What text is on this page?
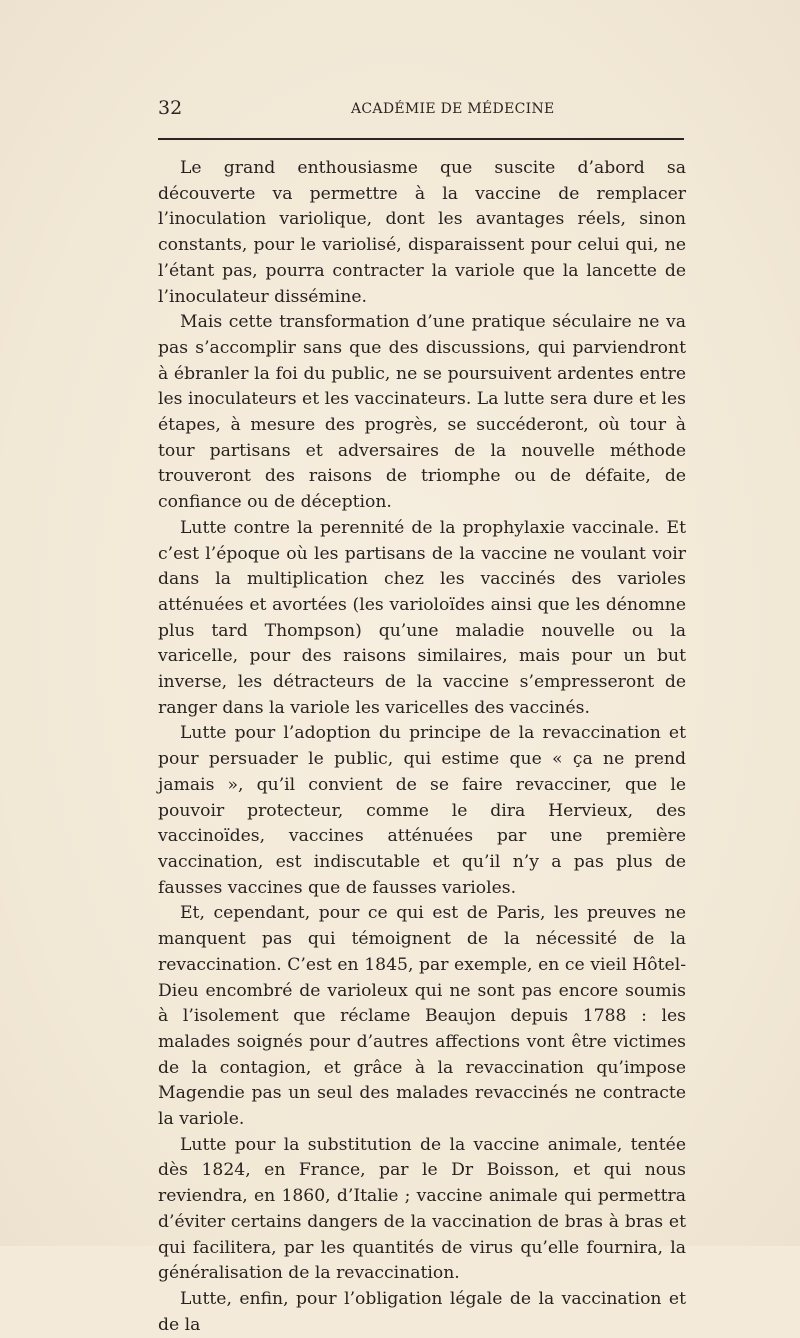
32	ACADÉMIE DE MÉDECINE

Le grand enthousiasme que suscite d’abord sa découverte va permettre à la vaccine de remplacer l’inoculation variolique, dont les avantages réels, sinon constants, pour le variolisé, disparaissent pour celui qui, ne l’étant pas, pourra contracter la variole que la lancette de l’inoculateur dissémine.

Mais cette transformation d’une pratique séculaire ne va pas s’accomplir sans que des discussions, qui parviendront à ébranler la foi du public, ne se poursuivent ardentes entre les inoculateurs et les vaccinateurs. La lutte sera dure et les étapes, à mesure des progrès, se succéderont, où tour à tour partisans et adversaires de la nouvelle méthode trouveront des raisons de triomphe ou de défaite, de confiance ou de déception.

Lutte contre la perennité de la prophylaxie vaccinale. Et c’est l’époque où les partisans de la vaccine ne voulant voir dans la multiplication chez les vaccinés des varioles atténuées et avortées (les varioloïdes ainsi que les dénomne plus tard Thompson) qu’une maladie nouvelle ou la varicelle, pour des raisons similaires, mais pour un but inverse, les détracteurs de la vaccine s’empresseront de ranger dans la variole les varicelles des vaccinés.

Lutte pour l’adoption du principe de la revaccination et pour persuader le public, qui estime que « ça ne prend jamais », qu’il convient de se faire revacciner, que le pouvoir protecteur, comme le dira Hervieux, des vaccinoïdes, vaccines atténuées par une première vaccination, est indiscutable et qu’il n’y a pas plus de fausses vaccines que de fausses varioles.

Et, cependant, pour ce qui est de Paris, les preuves ne manquent pas qui témoignent de la nécessité de la revaccination. C’est en 1845, par exemple, en ce vieil Hôtel-Dieu encombré de varioleux qui ne sont pas encore soumis à l’isolement que réclame Beaujon depuis 1788 : les malades soignés pour d’autres affections vont être victimes de la contagion, et grâce à la revaccination qu’impose Magendie pas un seul des malades revaccinés ne contracte la variole.

Lutte pour la substitution de la vaccine animale, tentée dès 1824, en France, par le Dr Boisson, et qui nous reviendra, en 1860, d’Italie ; vaccine animale qui permettra d’éviter certains dangers de la vaccination de bras à bras et qui facilitera, par les quantités de virus qu’elle fournira, la généralisation de la revaccination.

Lutte, enfin, pour l’obligation légale de la vaccination et de la
